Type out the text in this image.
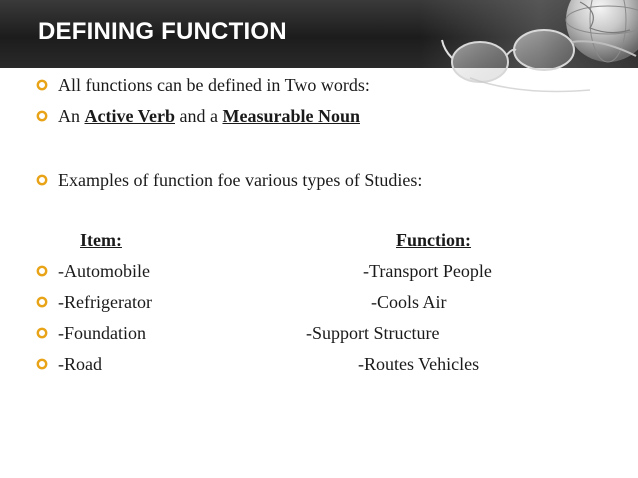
DEFINING FUNCTION
All functions can be defined in Two words:
An Active Verb and a Measurable Noun
Examples of function foe various types of Studies:
Item:	Function:
-Automobile	-Transport People
-Refrigerator	-Cools Air
-Foundation	-Support Structure
-Road	-Routes Vehicles
